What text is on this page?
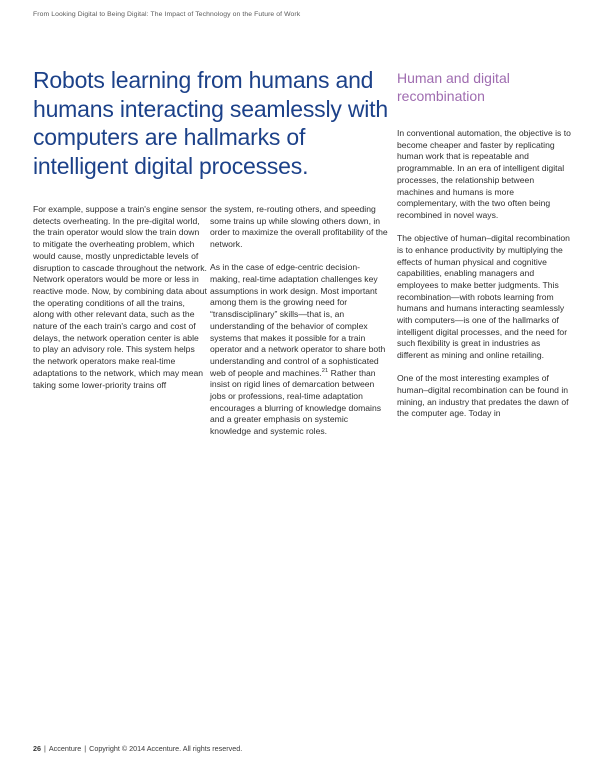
From Looking Digital to Being Digital: The Impact of Technology on the Future of Work
Robots learning from humans and humans interacting seamlessly with computers are hallmarks of intelligent digital processes.
Human and digital recombination

For example, suppose a train's engine sensor detects overheating. In the pre-digital world, the train operator would slow the train down to mitigate the overheating problem, which would cause, mostly unpredictable levels of disruption to cascade throughout the network. Network operators would be more or less in reactive mode. Now, by combining data about the operating conditions of all the trains, along with other relevant data, such as the nature of the each train's cargo and cost of delays, the network operation center is able to play an advisory role. This system helps the network operators make real-time adaptations to the network, which may mean taking some lower-priority trains off

the system, re-routing others, and speeding some trains up while slowing others down, in order to maximize the overall profitability of the network.

As in the case of edge-centric decision-making, real-time adaptation challenges key assumptions in work design. Most important among them is the growing need for “transdisciplinary” skills—that is, an understanding of the behavior of complex systems that makes it possible for a train operator and a network operator to share both understanding and control of a sophisticated web of people and machines.$^{21}$ Rather than insist on rigid lines of demarcation between jobs or professions, real-time adaptation encourages a blurring of knowledge domains and a greater emphasis on systemic knowledge and systemic roles.

In conventional automation, the objective is to become cheaper and faster by replicating human work that is repeatable and programmable. In an era of intelligent digital processes, the relationship between machines and humans is more complementary, with the two often being recombined in novel ways.

The objective of human–digital recombination is to enhance productivity by multiplying the effects of human physical and cognitive capabilities, enabling managers and employees to make better judgments. This recombination—with robots learning from humans and humans interacting seamlessly with computers—is one of the hallmarks of intelligent digital processes, and the need for such flexibility is great in industries as different as mining and online retailing.

One of the most interesting examples of human–digital recombination can be found in mining, an industry that predates the dawn of the computer age. Today in

26 | Accenture | Copyright © 2014 Accenture. All rights reserved.
